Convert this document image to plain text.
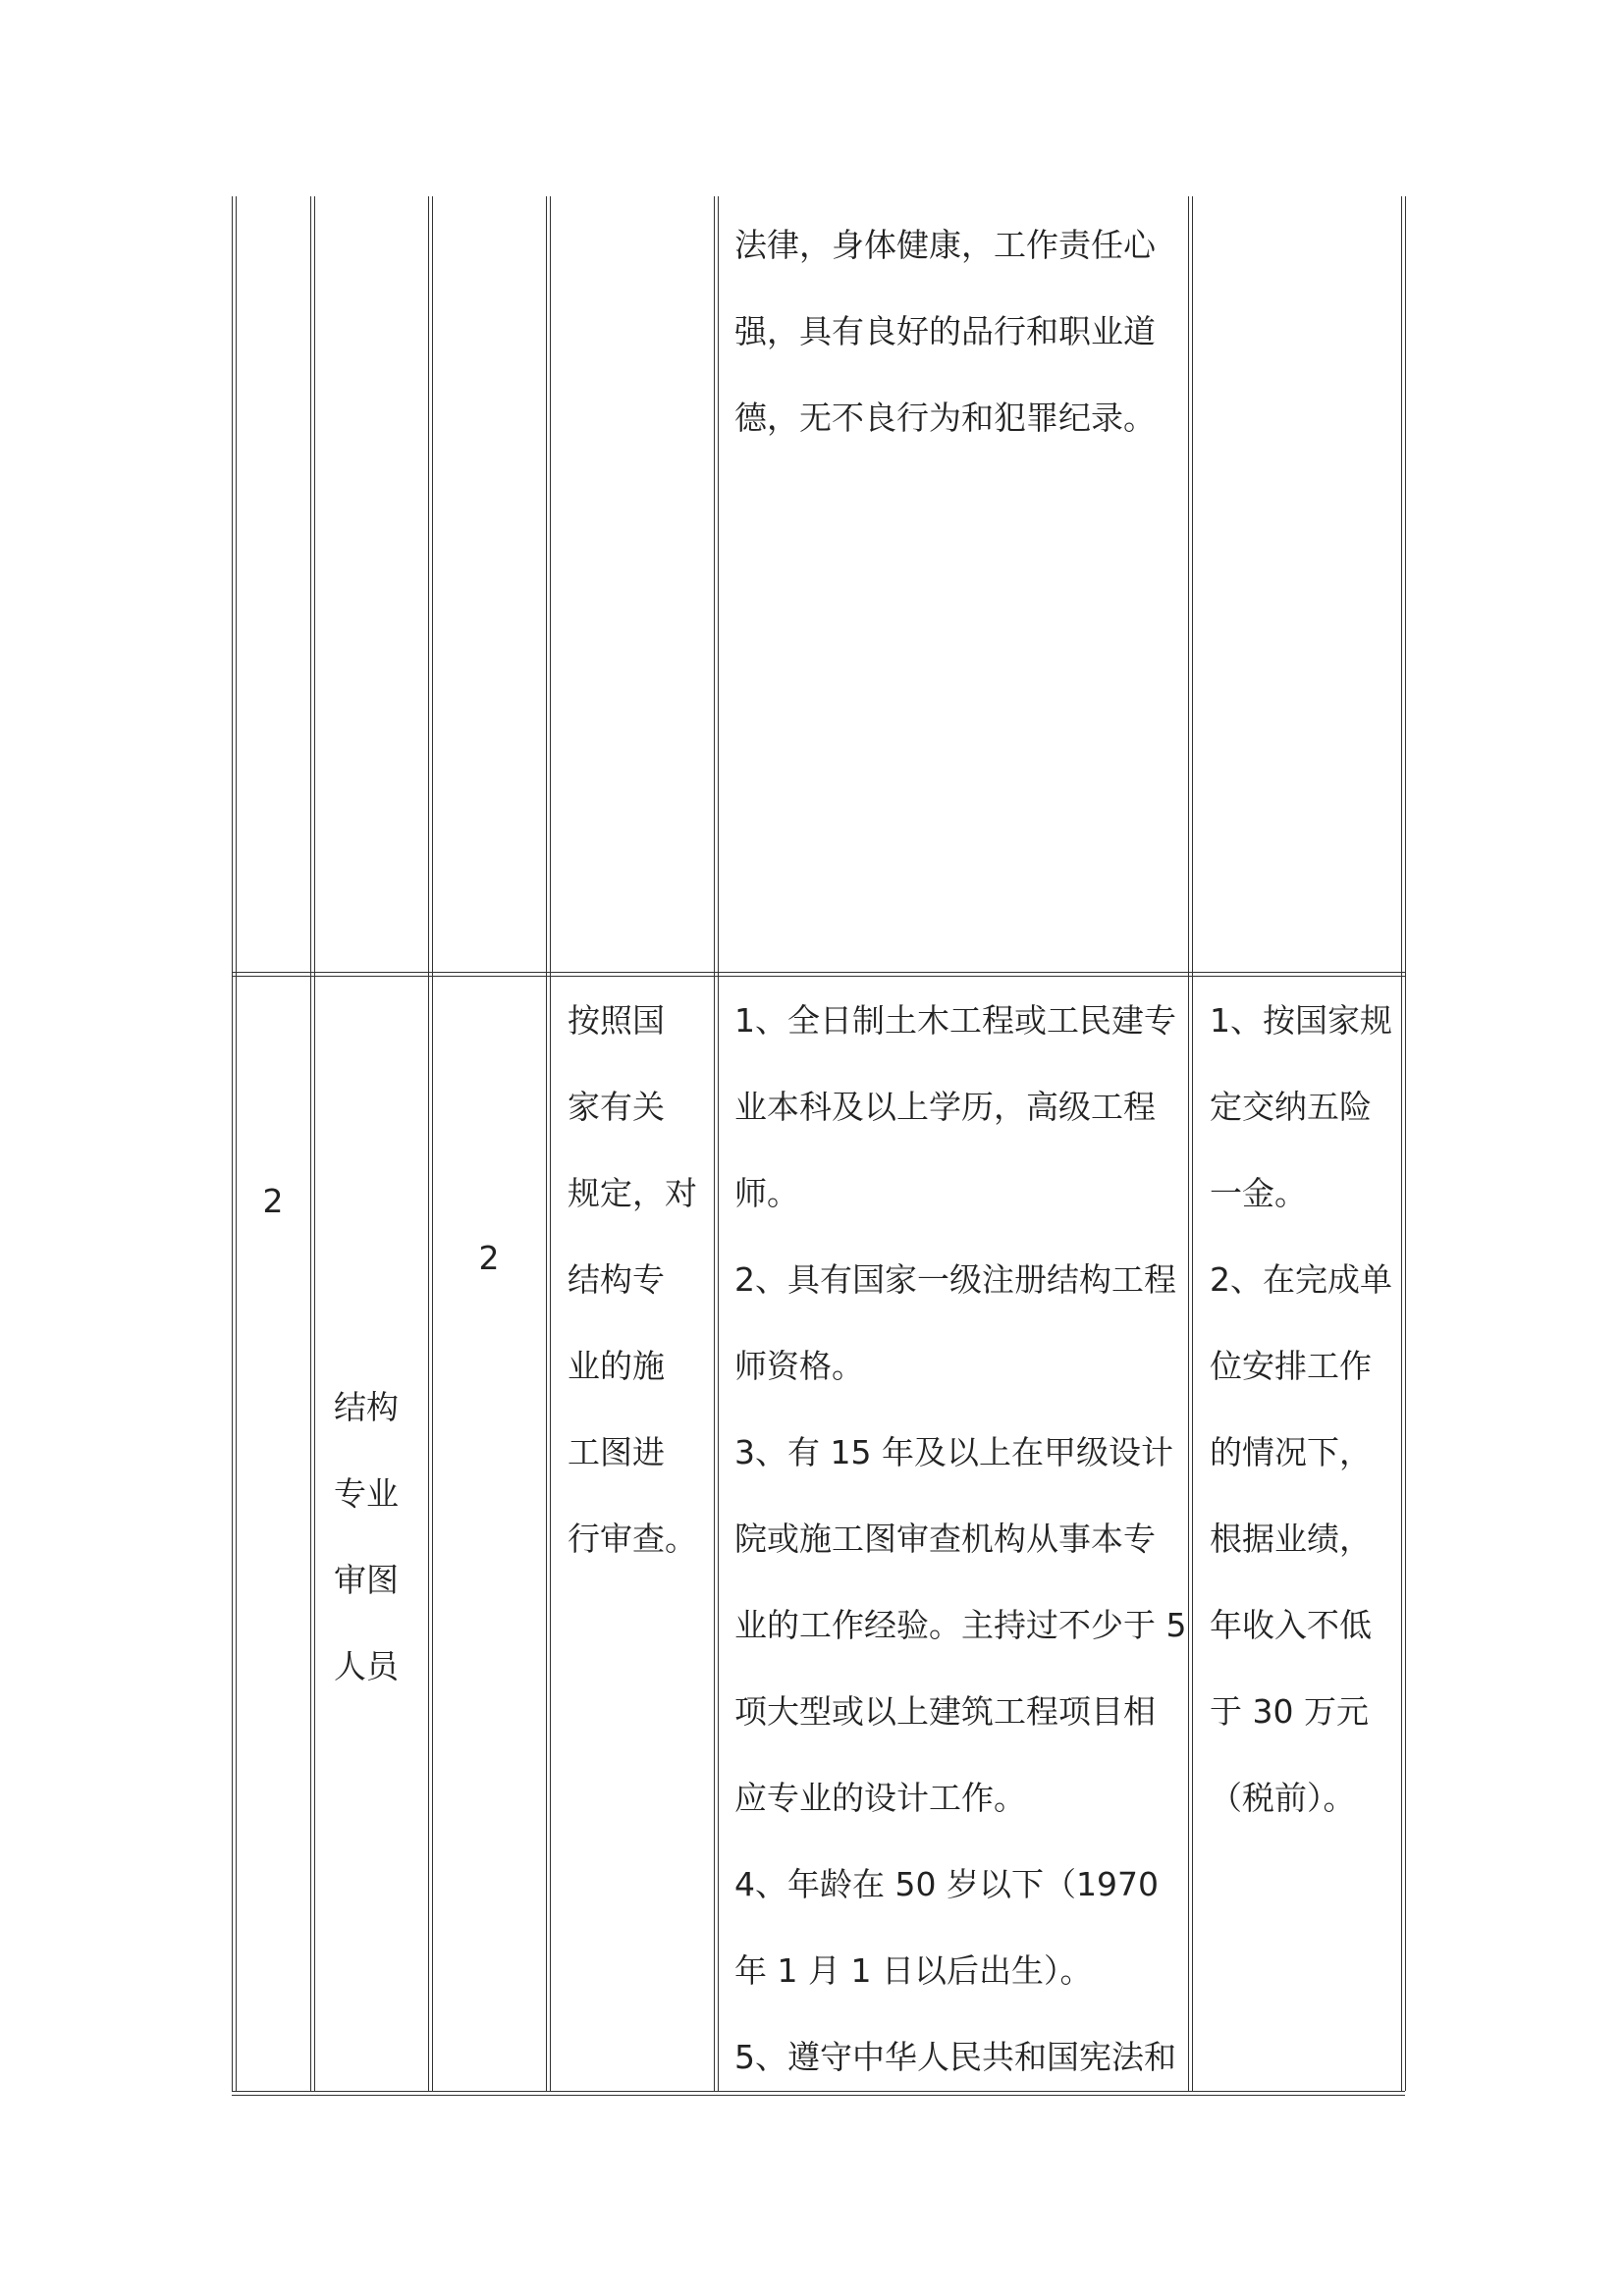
法律，身体健康，工作责任心
强，具有良好的品行和职业道
德，无不良行为和犯罪纪录。
2
结构
专业
审图
人员
2
按照国
家有关
规定，对
结构专
业的施
工图进
行审查。
1、全日制土木工程或工民建专
业本科及以上学历，高级工程
师。
2、具有国家一级注册结构工程
师资格。
3、有 15 年及以上在甲级设计
院或施工图审查机构从事本专
业的工作经验。主持过不少于 5
项大型或以上建筑工程项目相
应专业的设计工作。
4、年龄在 50 岁以下（1970
年 1 月 1 日以后出生）。
5、遵守中华人民共和国宪法和
1、按国家规
定交纳五险
一金。
2、在完成单
位安排工作
的情况下，
根据业绩，
年收入不低
于 30 万元
（税前）。
